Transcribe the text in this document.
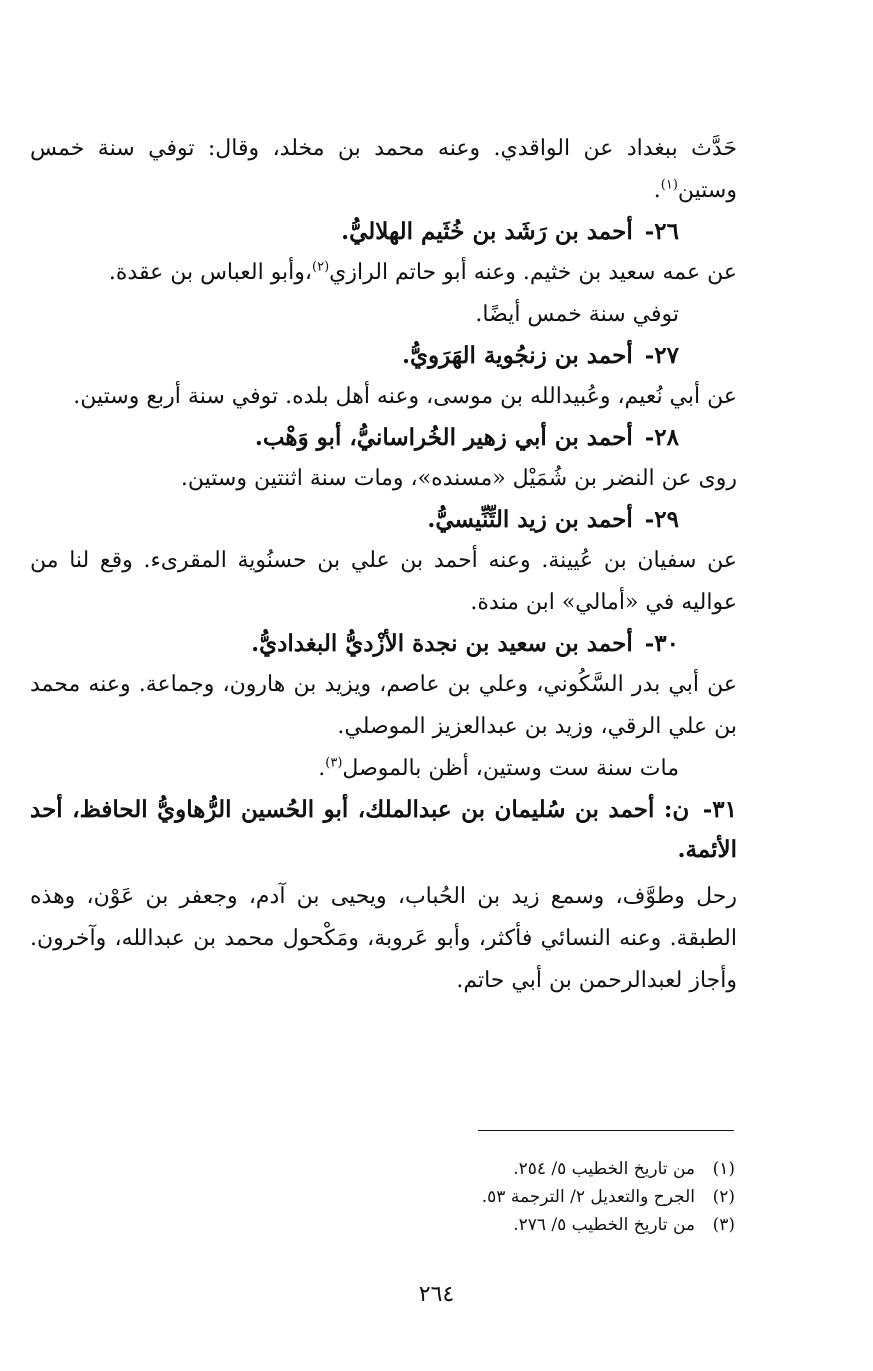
حَدَّث ببغداد عن الواقدي. وعنه محمد بن مخلد، وقال: توفي سنة خمس وستين$^{(١)}$.

٢٦- أحمد بن رَشَد بن خُثَيم الهلاليُّ.

عن عمه سعيد بن خثيم. وعنه أبو حاتم الرازي$^{(٢)}$،وأبو العباس بن عقدة.

توفي سنة خمس أيضًا.

٢٧- أحمد بن زنجُوية الهَرَويُّ.

عن أبي نُعيم، وعُبيدالله بن موسى، وعنه أهل بلده. توفي سنة أربع وستين.

٢٨- أحمد بن أبي زهير الخُراسانيُّ، أبو وَهْب.

روى عن النضر بن شُمَيْل «مسنده»، ومات سنة اثنتين وستين.

٢٩- أحمد بن زيد التِّنِّيسيُّ.

عن سفيان بن عُيينة. وعنه أحمد بن علي بن حسنُوية المقرىء. وقع لنا من عواليه في «أمالي» ابن مندة.

٣٠- أحمد بن سعيد بن نجدة الأزْديُّ البغداديُّ.

عن أبي بدر السَّكُوني، وعلي بن عاصم، ويزيد بن هارون، وجماعة. وعنه محمد بن علي الرقي، وزيد بن عبدالعزيز الموصلي.

مات سنة ست وستين، أظن بالموصل$^{(٣)}$.

٣١- ن: أحمد بن سُليمان بن عبدالملك، أبو الحُسين الرُّهاويُّ الحافظ، أحد الأئمة.

رحل وطوَّف، وسمع زيد بن الحُباب، ويحيى بن آدم، وجعفر بن عَوْن، وهذه الطبقة. وعنه النسائي فأكثر، وأبو عَروبة، ومَكْحول محمد بن عبدالله، وآخرون. وأجاز لعبدالرحمن بن أبي حاتم.

(١)من تاريخ الخطيب ٥/ ٢٥٤.
(٢)الجرح والتعديل ٢/ الترجمة ٥٣.
(٣)من تاريخ الخطيب ٥/ ٢٧٦.
٢٦٤
